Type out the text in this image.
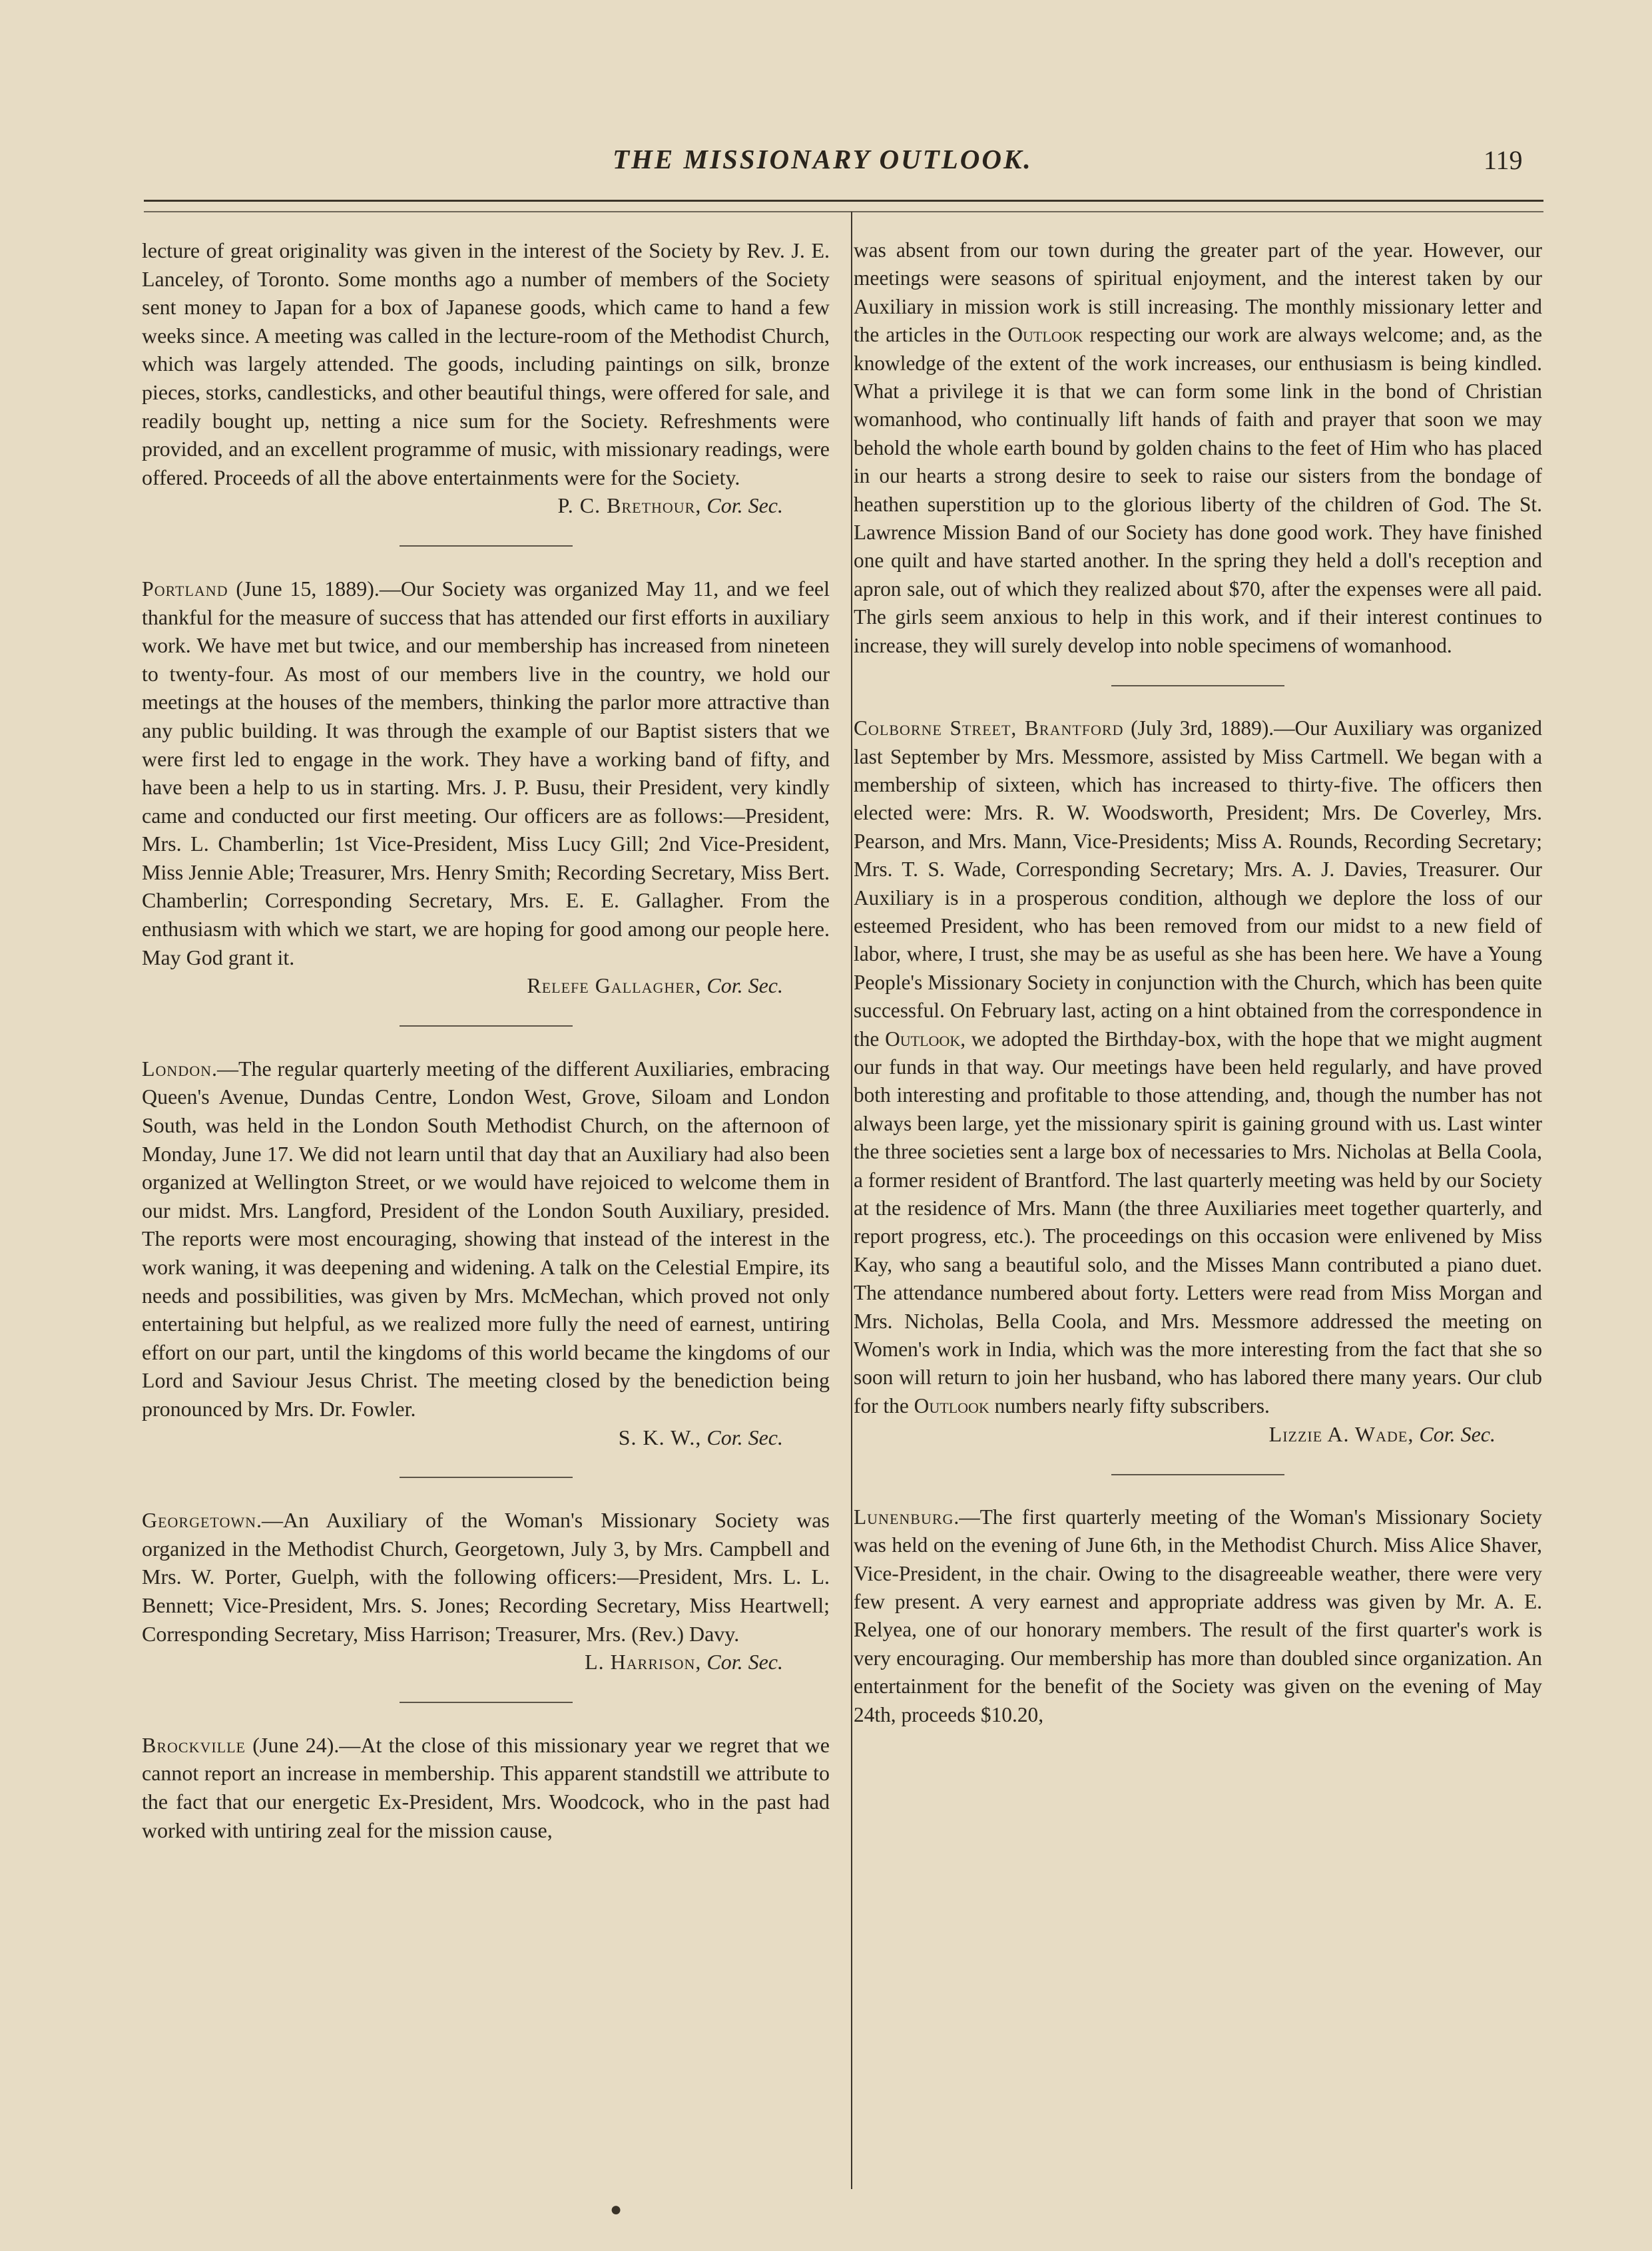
THE MISSIONARY OUTLOOK.	119

lecture of great originality was given in the interest of the Society by Rev. J. E. Lanceley, of Toronto. Some months ago a number of members of the Society sent money to Japan for a box of Japanese goods, which came to hand a few weeks since. A meeting was called in the lecture-room of the Methodist Church, which was largely attended. The goods, including paintings on silk, bronze pieces, storks, candlesticks, and other beautiful things, were offered for sale, and readily bought up, netting a nice sum for the Society. Refreshments were provided, and an excellent programme of music, with missionary readings, were offered. Proceeds of all the above entertainments were for the Society.

P. C. Brethour, Cor. Sec.

Portland (June 15, 1889).—Our Society was organized May 11, and we feel thankful for the measure of success that has attended our first efforts in auxiliary work. We have met but twice, and our membership has increased from nineteen to twenty-four. As most of our members live in the country, we hold our meetings at the houses of the members, thinking the parlor more attractive than any public building. It was through the example of our Baptist sisters that we were first led to engage in the work. They have a working band of fifty, and have been a help to us in starting. Mrs. J. P. Busu, their President, very kindly came and conducted our first meeting. Our officers are as follows:—President, Mrs. L. Chamberlin; 1st Vice-President, Miss Lucy Gill; 2nd Vice-President, Miss Jennie Able; Treasurer, Mrs. Henry Smith; Recording Secretary, Miss Bert. Chamberlin; Corresponding Secretary, Mrs. E. E. Gallagher. From the enthusiasm with which we start, we are hoping for good among our people here. May God grant it.

Relefe Gallagher, Cor. Sec.

London.—The regular quarterly meeting of the different Auxiliaries, embracing Queen's Avenue, Dundas Centre, London West, Grove, Siloam and London South, was held in the London South Methodist Church, on the afternoon of Monday, June 17. We did not learn until that day that an Auxiliary had also been organized at Wellington Street, or we would have rejoiced to welcome them in our midst. Mrs. Langford, President of the London South Auxiliary, presided. The reports were most encouraging, showing that instead of the interest in the work waning, it was deepening and widening. A talk on the Celestial Empire, its needs and possibilities, was given by Mrs. McMechan, which proved not only entertaining but helpful, as we realized more fully the need of earnest, untiring effort on our part, until the kingdoms of this world became the kingdoms of our Lord and Saviour Jesus Christ. The meeting closed by the benediction being pronounced by Mrs. Dr. Fowler.

S. K. W., Cor. Sec.

Georgetown.—An Auxiliary of the Woman's Missionary Society was organized in the Methodist Church, Georgetown, July 3, by Mrs. Campbell and Mrs. W. Porter, Guelph, with the following officers:—President, Mrs. L. L. Bennett; Vice-President, Mrs. S. Jones; Recording Secretary, Miss Heartwell; Corresponding Secretary, Miss Harrison; Treasurer, Mrs. (Rev.) Davy.

L. Harrison, Cor. Sec.

Brockville (June 24).—At the close of this missionary year we regret that we cannot report an increase in membership. This apparent standstill we attribute to the fact that our energetic Ex-President, Mrs. Woodcock, who in the past had worked with untiring zeal for the mission cause,

was absent from our town during the greater part of the year. However, our meetings were seasons of spiritual enjoyment, and the interest taken by our Auxiliary in mission work is still increasing. The monthly missionary letter and the articles in the Outlook respecting our work are always welcome; and, as the knowledge of the extent of the work increases, our enthusiasm is being kindled. What a privilege it is that we can form some link in the bond of Christian womanhood, who continually lift hands of faith and prayer that soon we may behold the whole earth bound by golden chains to the feet of Him who has placed in our hearts a strong desire to seek to raise our sisters from the bondage of heathen superstition up to the glorious liberty of the children of God. The St. Lawrence Mission Band of our Society has done good work. They have finished one quilt and have started another. In the spring they held a doll's reception and apron sale, out of which they realized about $70, after the expenses were all paid. The girls seem anxious to help in this work, and if their interest continues to increase, they will surely develop into noble specimens of womanhood.

Colborne Street, Brantford (July 3rd, 1889).—Our Auxiliary was organized last September by Mrs. Messmore, assisted by Miss Cartmell. We began with a membership of sixteen, which has increased to thirty-five. The officers then elected were: Mrs. R. W. Woodsworth, President; Mrs. De Coverley, Mrs. Pearson, and Mrs. Mann, Vice-Presidents; Miss A. Rounds, Recording Secretary; Mrs. T. S. Wade, Corresponding Secretary; Mrs. A. J. Davies, Treasurer. Our Auxiliary is in a prosperous condition, although we deplore the loss of our esteemed President, who has been removed from our midst to a new field of labor, where, I trust, she may be as useful as she has been here. We have a Young People's Missionary Society in conjunction with the Church, which has been quite successful. On February last, acting on a hint obtained from the correspondence in the Outlook, we adopted the Birthday-box, with the hope that we might augment our funds in that way. Our meetings have been held regularly, and have proved both interesting and profitable to those attending, and, though the number has not always been large, yet the missionary spirit is gaining ground with us. Last winter the three societies sent a large box of necessaries to Mrs. Nicholas at Bella Coola, a former resident of Brantford. The last quarterly meeting was held by our Society at the residence of Mrs. Mann (the three Auxiliaries meet together quarterly, and report progress, etc.). The proceedings on this occasion were enlivened by Miss Kay, who sang a beautiful solo, and the Misses Mann contributed a piano duet. The attendance numbered about forty. Letters were read from Miss Morgan and Mrs. Nicholas, Bella Coola, and Mrs. Messmore addressed the meeting on Women's work in India, which was the more interesting from the fact that she so soon will return to join her husband, who has labored there many years. Our club for the Outlook numbers nearly fifty subscribers.

Lizzie A. Wade, Cor. Sec.

Lunenburg.—The first quarterly meeting of the Woman's Missionary Society was held on the evening of June 6th, in the Methodist Church. Miss Alice Shaver, Vice-President, in the chair. Owing to the disagreeable weather, there were very few present. A very earnest and appropriate address was given by Mr. A. E. Relyea, one of our honorary members. The result of the first quarter's work is very encouraging. Our membership has more than doubled since organization. An entertainment for the benefit of the Society was given on the evening of May 24th, proceeds $10.20,

●
